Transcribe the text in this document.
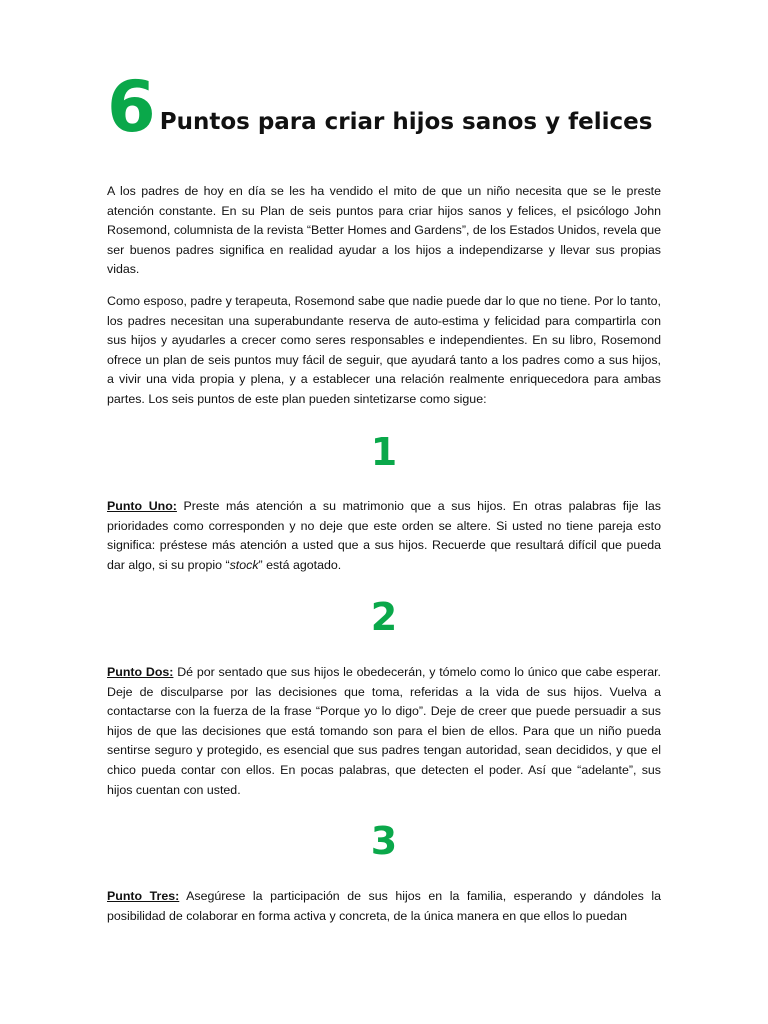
6 Puntos para criar hijos sanos y felices

A los padres de hoy en día se les ha vendido el mito de que un niño necesita que se le preste atención constante. En su Plan de seis puntos para criar hijos sanos y felices, el psicólogo John Rosemond, columnista de la revista “Better Homes and Gardens”, de los Estados Unidos, revela que ser buenos padres significa en realidad ayudar a los hijos a independizarse y llevar sus propias vidas.

Como esposo, padre y terapeuta, Rosemond sabe que nadie puede dar lo que no tiene. Por lo tanto, los padres necesitan una superabundante reserva de auto-estima y felicidad para compartirla con sus hijos y ayudarles a crecer como seres responsables e independientes. En su libro, Rosemond ofrece un plan de seis puntos muy fácil de seguir, que ayudará tanto a los padres como a sus hijos, a vivir una vida propia y plena, y a establecer una relación realmente enriquecedora para ambas partes. Los seis puntos de este plan pueden sintetizarse como sigue:

1

Punto Uno: Preste más atención a su matrimonio que a sus hijos. En otras palabras fije las prioridades como corresponden y no deje que este orden se altere. Si usted no tiene pareja esto significa: préstese más atención a usted que a sus hijos. Recuerde que resultará difícil que pueda dar algo, si su propio “stock” está agotado.

2

Punto Dos: Dé por sentado que sus hijos le obedecerán, y tómelo como lo único que cabe esperar. Deje de disculparse por las decisiones que toma, referidas a la vida de sus hijos. Vuelva a contactarse con la fuerza de la frase “Porque yo lo digo”. Deje de creer que puede persuadir a sus hijos de que las decisiones que está tomando son para el bien de ellos. Para que un niño pueda sentirse seguro y protegido, es esencial que sus padres tengan autoridad, sean decididos, y que el chico pueda contar con ellos. En pocas palabras, que detecten el poder. Así que “adelante”, sus hijos cuentan con usted.

3

Punto Tres: Asegúrese la participación de sus hijos en la familia, esperando y dándoles la posibilidad de colaborar en forma activa y concreta, de la única manera en que ellos lo puedan
